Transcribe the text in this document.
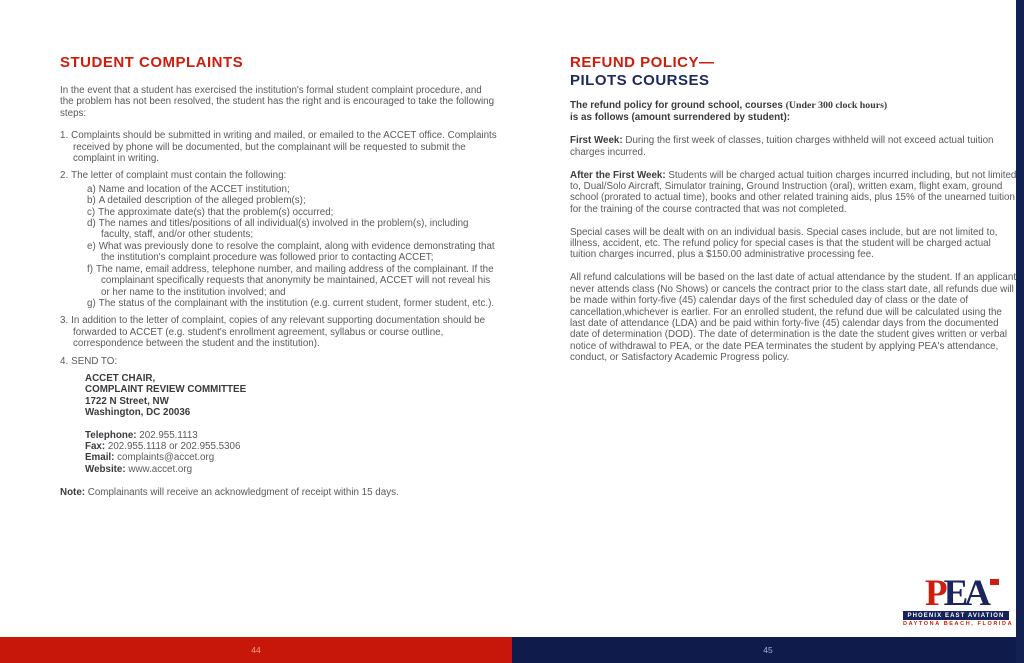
STUDENT COMPLAINTS

In the event that a student has exercised the institution's formal student complaint procedure, and the problem has not been resolved, the student has the right and is encouraged to take the following steps:

1. Complaints should be submitted in writing and mailed, or emailed to the ACCET office. Complaints received by phone will be documented, but the complainant will be requested to submit the complaint in writing.
2. The letter of complaint must contain the following:
a) Name and location of the ACCET institution;
b) A detailed description of the alleged problem(s);
c) The approximate date(s) that the problem(s) occurred;
d) The names and titles/positions of all individual(s) involved in the problem(s), including faculty, staff, and/or other students;
e) What was previously done to resolve the complaint, along with evidence demonstrating that the institution's complaint procedure was followed prior to contacting ACCET;
f) The name, email address, telephone number, and mailing address of the complainant. If the complainant specifically requests that anonymity be maintained, ACCET will not reveal his or her name to the institution involved; and
g) The status of the complainant with the institution (e.g. current student, former student, etc.).
3. In addition to the letter of complaint, copies of any relevant supporting documentation should be forwarded to ACCET (e.g. student's enrollment agreement, syllabus or course outline, correspondence between the student and the institution).
4. SEND TO:
ACCET CHAIR,
COMPLAINT REVIEW COMMITTEE
1722 N Street, NW
Washington, DC 20036
Telephone: 202.955.1113
Fax: 202.955.1118 or 202.955.5306
Email: complaints@accet.org
Website: www.accet.org

Note: Complainants will receive an acknowledgment of receipt within 15 days.

REFUND POLICY—
PILOTS COURSES
The refund policy for ground school, courses (Under 300 clock hours)
is as follows (amount surrendered by student):

First Week: During the first week of classes, tuition charges withheld will not exceed actual tuition charges incurred.

After the First Week: Students will be charged actual tuition charges incurred including, but not limited to, Dual/Solo Aircraft, Simulator training, Ground Instruction (oral), written exam, flight exam, ground school (prorated to actual time), books and other related training aids, plus 15% of the unearned tuition for the training of the course contracted that was not completed.

Special cases will be dealt with on an individual basis. Special cases include, but are not limited to, illness, accident, etc. The refund policy for special cases is that the student will be charged actual tuition charges incurred, plus a $150.00 administrative processing fee.

All refund calculations will be based on the last date of actual attendance by the student. If an applicant never attends class (No Shows) or cancels the contract prior to the class start date, all refunds due will be made within forty-five (45) calendar days of the first scheduled day of class or the date of cancellation,whichever is earlier. For an enrolled student, the refund due will be calculated using the last date of attendance (LDA) and be paid within forty-five (45) calendar days from the documented date of determination (DOD). The date of determination is the date the student gives written or verbal notice of withdrawal to PEA, or the date PEA terminates the student by applying PEA's attendance, conduct, or Satisfactory Academic Progress policy.

PEA
PHOENIX EAST AVIATION
DAYTONA BEACH, FLORIDA
44	45
